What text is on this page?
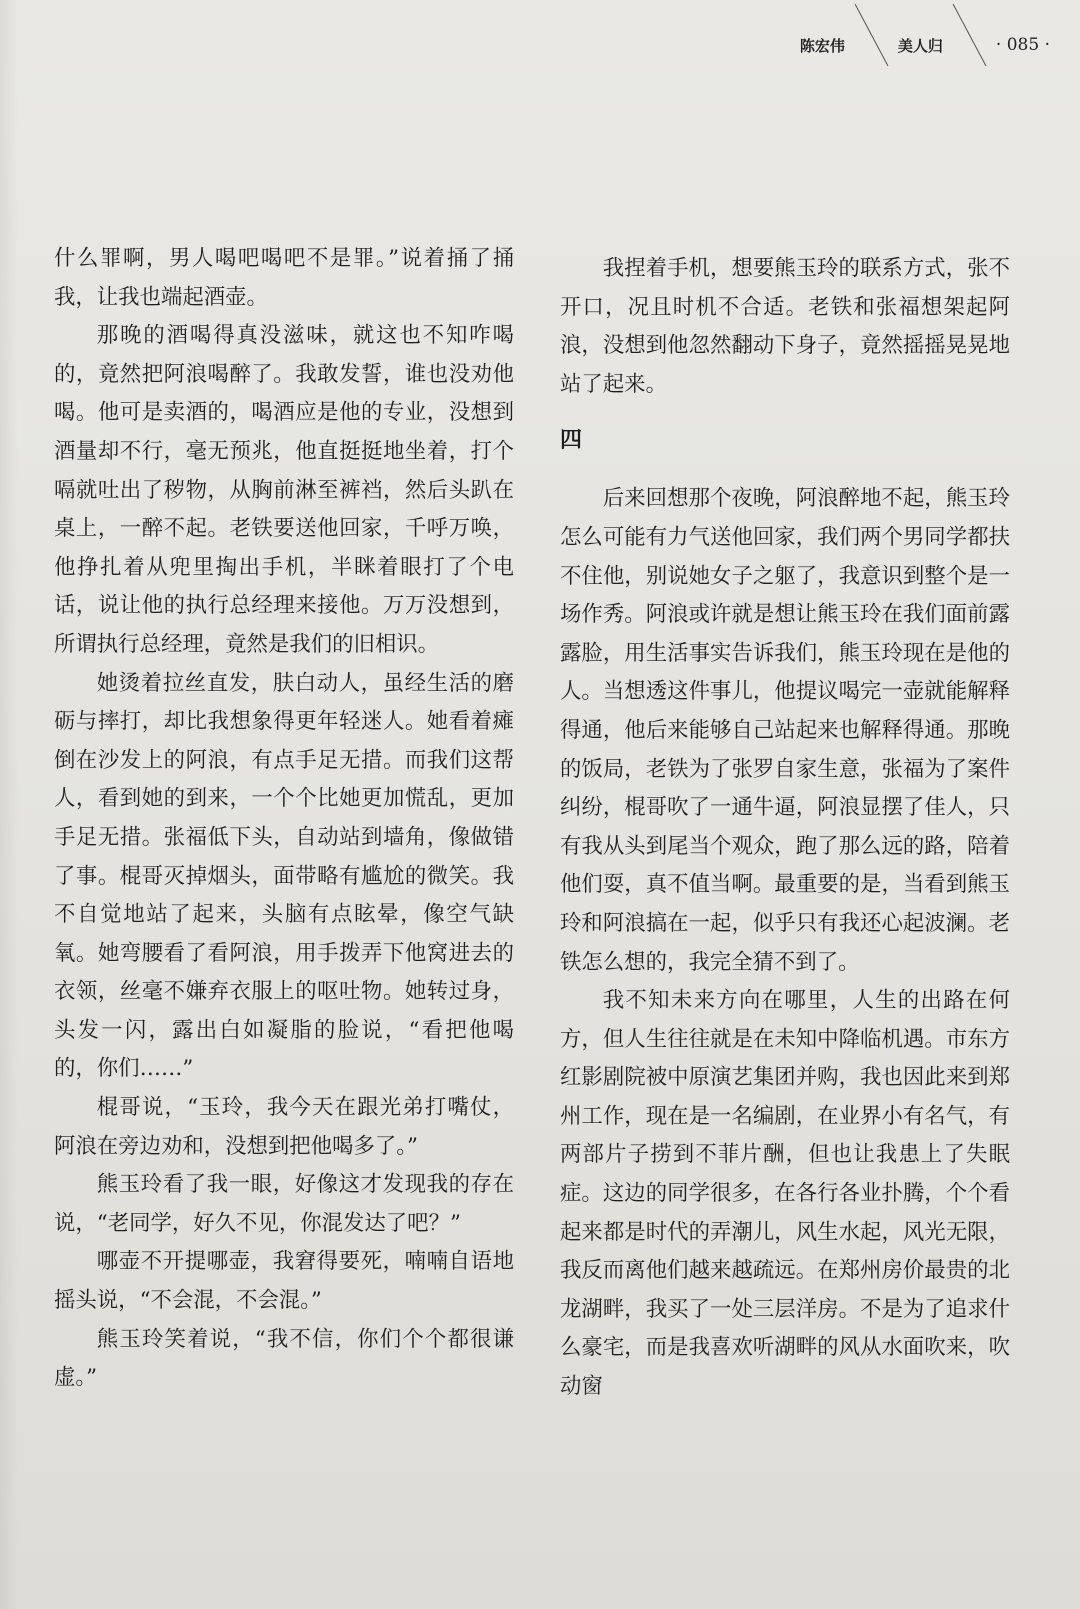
陈宏伟	美人归	· 085 ·

什么罪啊，男人喝吧喝吧不是罪。”说着捅了捅我，让我也端起酒壶。

那晚的酒喝得真没滋味，就这也不知咋喝的，竟然把阿浪喝醉了。我敢发誓，谁也没劝他喝。他可是卖酒的，喝酒应是他的专业，没想到酒量却不行，毫无预兆，他直挺挺地坐着，打个嗝就吐出了秽物，从胸前淋至裤裆，然后头趴在桌上，一醉不起。老铁要送他回家，千呼万唤，他挣扎着从兜里掏出手机，半眯着眼打了个电话，说让他的执行总经理来接他。万万没想到，所谓执行总经理，竟然是我们的旧相识。

她烫着拉丝直发，肤白动人，虽经生活的磨砺与摔打，却比我想象得更年轻迷人。她看着瘫倒在沙发上的阿浪，有点手足无措。而我们这帮人，看到她的到来，一个个比她更加慌乱，更加手足无措。张福低下头，自动站到墙角，像做错了事。棍哥灭掉烟头，面带略有尴尬的微笑。我不自觉地站了起来，头脑有点眩晕，像空气缺氧。她弯腰看了看阿浪，用手拨弄下他窝进去的衣领，丝毫不嫌弃衣服上的呕吐物。她转过身，头发一闪，露出白如凝脂的脸说，“看把他喝的，你们……”

棍哥说，“玉玲，我今天在跟光弟打嘴仗，阿浪在旁边劝和，没想到把他喝多了。”

熊玉玲看了我一眼，好像这才发现我的存在说，“老同学，好久不见，你混发达了吧？”

哪壶不开提哪壶，我窘得要死，喃喃自语地摇头说，“不会混，不会混。”

熊玉玲笑着说，“我不信，你们个个都很谦虚。”

我捏着手机，想要熊玉玲的联系方式，张不开口，况且时机不合适。老铁和张福想架起阿浪，没想到他忽然翻动下身子，竟然摇摇晃晃地站了起来。

四

后来回想那个夜晚，阿浪醉地不起，熊玉玲怎么可能有力气送他回家，我们两个男同学都扶不住他，别说她女子之躯了，我意识到整个是一场作秀。阿浪或许就是想让熊玉玲在我们面前露露脸，用生活事实告诉我们，熊玉玲现在是他的人。当想透这件事儿，他提议喝完一壶就能解释得通，他后来能够自己站起来也解释得通。那晚的饭局，老铁为了张罗自家生意，张福为了案件纠纷，棍哥吹了一通牛逼，阿浪显摆了佳人，只有我从头到尾当个观众，跑了那么远的路，陪着他们耍，真不值当啊。最重要的是，当看到熊玉玲和阿浪搞在一起，似乎只有我还心起波澜。老铁怎么想的，我完全猜不到了。

我不知未来方向在哪里，人生的出路在何方，但人生往往就是在未知中降临机遇。市东方红影剧院被中原演艺集团并购，我也因此来到郑州工作，现在是一名编剧，在业界小有名气，有两部片子捞到不菲片酬，但也让我患上了失眠症。这边的同学很多，在各行各业扑腾，个个看起来都是时代的弄潮儿，风生水起，风光无限，我反而离他们越来越疏远。在郑州房价最贵的北龙湖畔，我买了一处三层洋房。不是为了追求什么豪宅，而是我喜欢听湖畔的风从水面吹来，吹动窗
